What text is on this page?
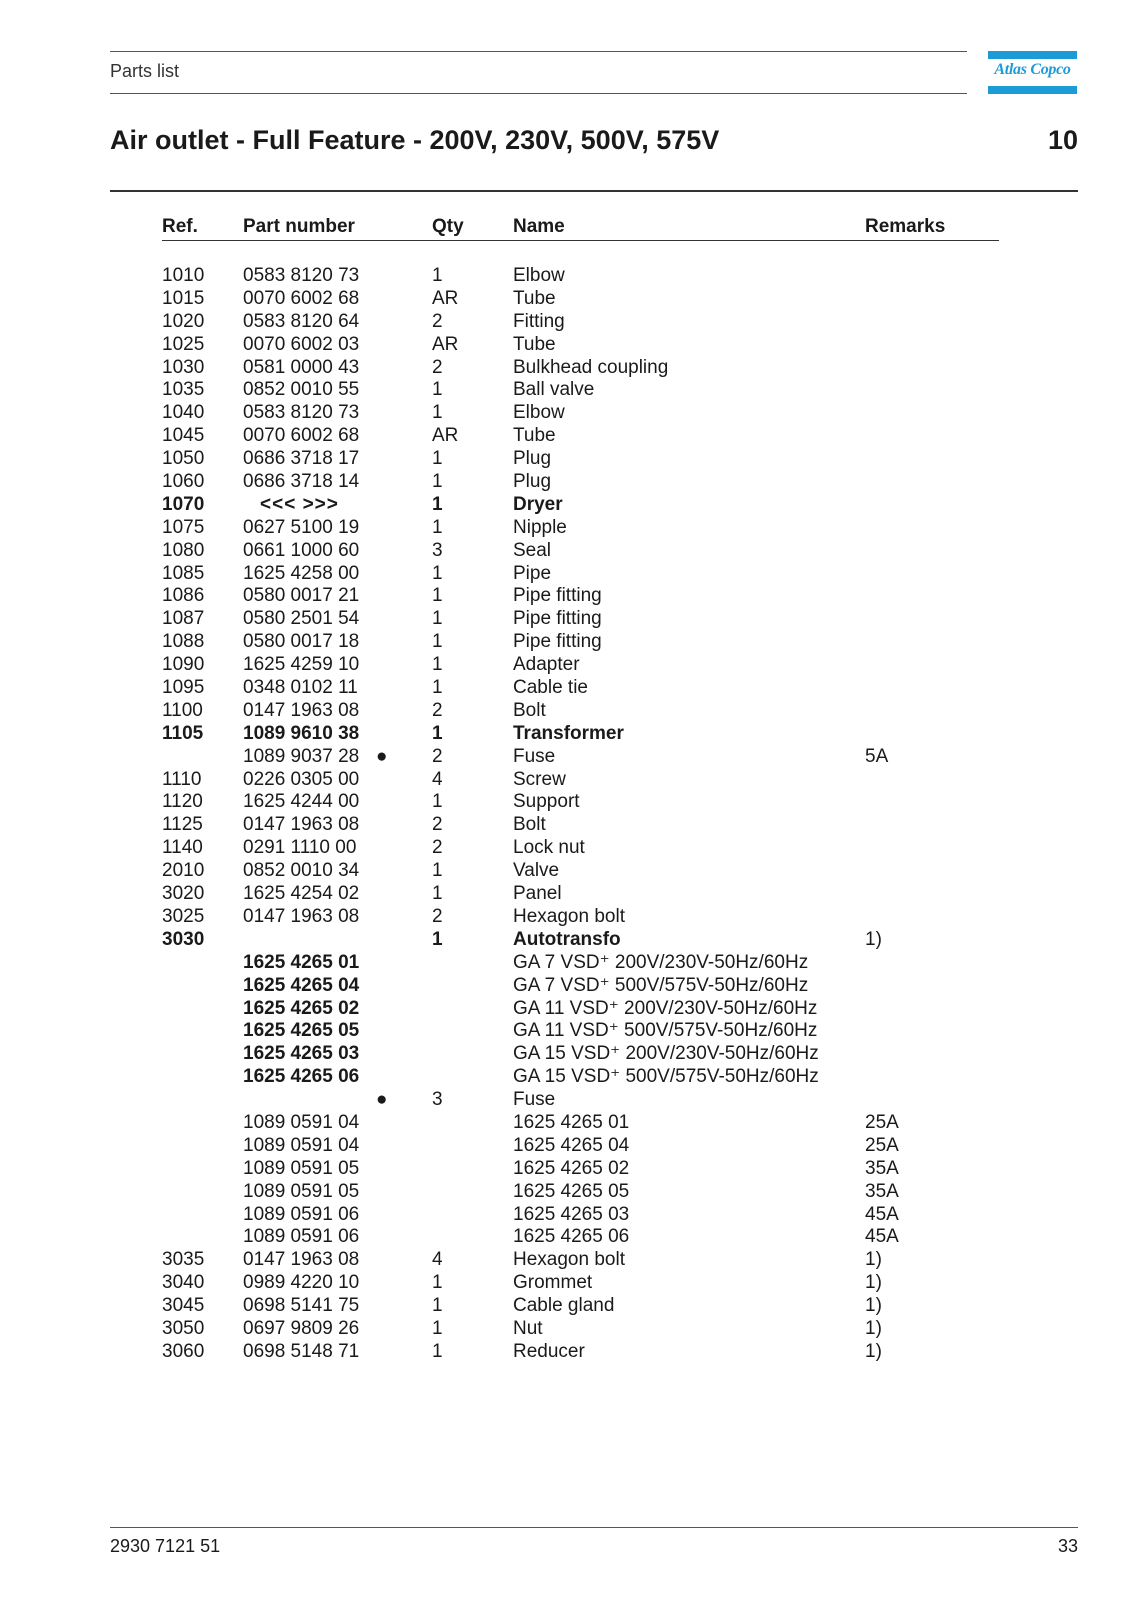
Parts list	Atlas Copco
Air outlet - Full Feature - 200V, 230V, 500V, 575V	10
Ref. Part number	Qty	Name	Remarks
1010 0583 8120 73	1	Elbow
1015 0070 6002 68	AR	Tube
1020 0583 8120 64	2	Fitting
1025 0070 6002 03	AR	Tube
1030 0581 0000 43	2	Bulkhead coupling
1035 0852 0010 55	1	Ball valve
1040 0583 8120 73	1	Elbow
1045 0070 6002 68	AR	Tube
1050 0686 3718 17	1	Plug
1060 0686 3718 14	1	Plug
1070	<<< >>>	1	Dryer
1075 0627 5100 19	1	Nipple
1080 0661 1000 60	3	Seal
1085 1625 4258 00	1	Pipe
1086 0580 0017 21	1	Pipe fitting
1087 0580 2501 54	1	Pipe fitting
1088 0580 0017 18	1	Pipe fitting
1090 1625 4259 10	1	Adapter
1095 0348 0102 11	1	Cable tie
1100 0147 1963 08	2	Bolt
1105 1089 9610 38	1	Transformer
1089 9037 28 ● 2	Fuse	5A
1110 0226 0305 00	4	Screw
1120 1625 4244 00	1	Support
1125 0147 1963 08	2	Bolt
1140 0291 1110 00	2	Lock nut
2010 0852 0010 34	1	Valve
3020 1625 4254 02	1	Panel
3025 0147 1963 08	2	Hexagon bolt
3030	1	Autotransfo	1)
1625 4265 01	GA 7 VSD⁺ 200V/230V-50Hz/60Hz
1625 4265 04	GA 7 VSD⁺ 500V/575V-50Hz/60Hz
1625 4265 02	GA 11 VSD⁺ 200V/230V-50Hz/60Hz
1625 4265 05	GA 11 VSD⁺ 500V/575V-50Hz/60Hz
1625 4265 03	GA 15 VSD⁺ 200V/230V-50Hz/60Hz
1625 4265 06	GA 15 VSD⁺ 500V/575V-50Hz/60Hz
● 3	Fuse
1089 0591 04	1625 4265 01	25A
1089 0591 04	1625 4265 04	25A
1089 0591 05	1625 4265 02	35A
1089 0591 05	1625 4265 05	35A
1089 0591 06	1625 4265 03	45A
1089 0591 06	1625 4265 06	45A
3035 0147 1963 08	4	Hexagon bolt	1)
3040 0989 4220 10	1	Grommet	1)
3045 0698 5141 75	1	Cable gland	1)
3050 0697 9809 26	1	Nut	1)
3060 0698 5148 71	1	Reducer	1)
2930 7121 51	33
